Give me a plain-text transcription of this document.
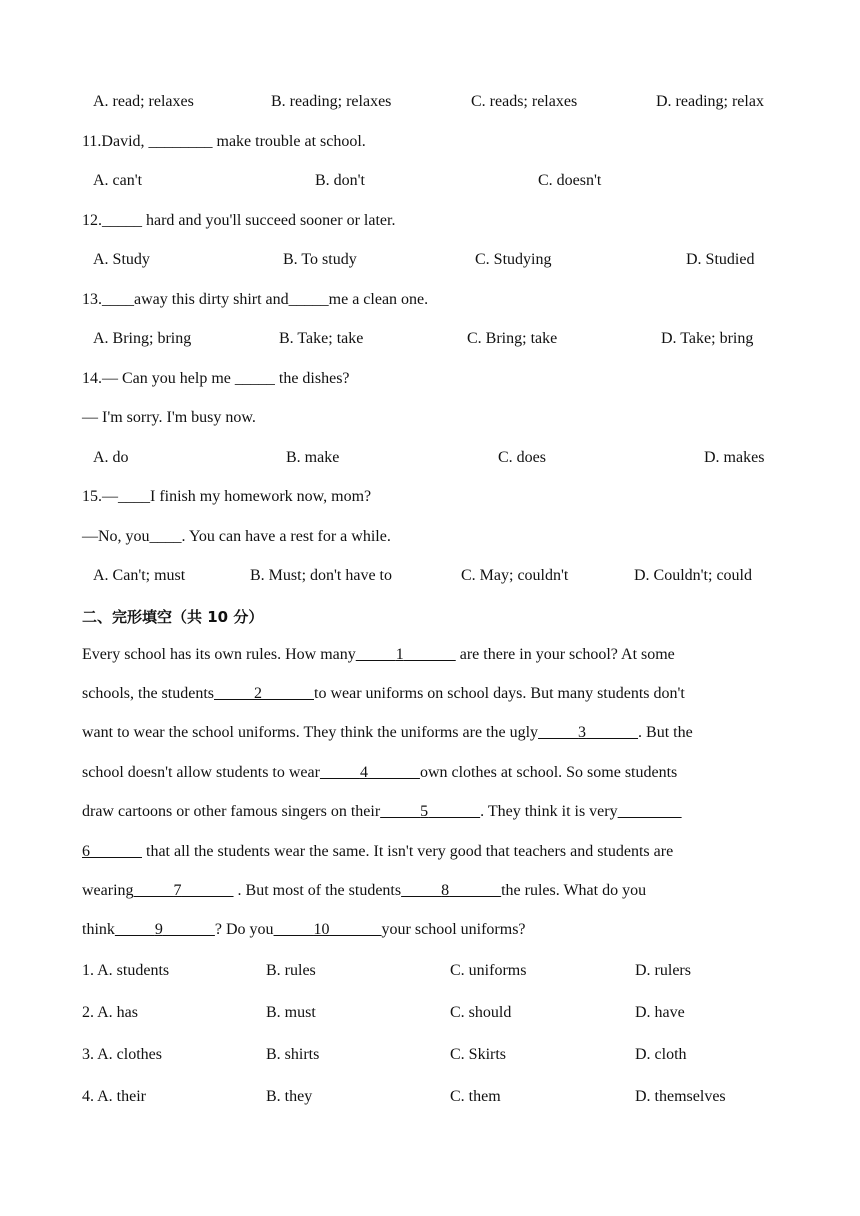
A. read; relaxes	B. reading; relaxes	C. reads; relaxes	D. reading; relax
11.David, ________ make trouble at school.
A. can't	B. don't	C. doesn't
12._____ hard and you'll succeed sooner or later.
A. Study	B. To study	C. Studying	D. Studied
13.____away this dirty shirt and_____me a clean one.
A. Bring; bring	B. Take; take	C. Bring; take	D. Take; bring
14.— Can you help me _____ the dishes?
— I'm sorry. I'm busy now.
A. do	B. make	C. does	D. makes
15.—____I finish my homework now, mom?
—No, you____. You can have a rest for a while.
A. Can't; must	B. Must; don't have to	C. May; couldn't	D. Couldn't; could
二、完形填空（共 10 分）
Every school has its own rules. How many	1	are there in your school? At some
schools, the students	2	to wear uniforms on school days. But many students don't
want to wear the school uniforms. They think the uniforms are the ugly	3	. But the
school doesn't allow students to wear	4	own clothes at school. So some students
draw cartoons or other famous singers on their	5	. They think it is very
6	that all the students wear the same. It isn't very good that teachers and students are
wearing	7	. But most of the students	8	the rules. What do you
think	9	? Do you	10	your school uniforms?
1. A. students	B. rules	C. uniforms	D. rulers
2. A. has	B. must	C. should	D. have
3. A. clothes	B. shirts	C. Skirts	D. cloth
4. A. their	B. they	C. them	D. themselves
